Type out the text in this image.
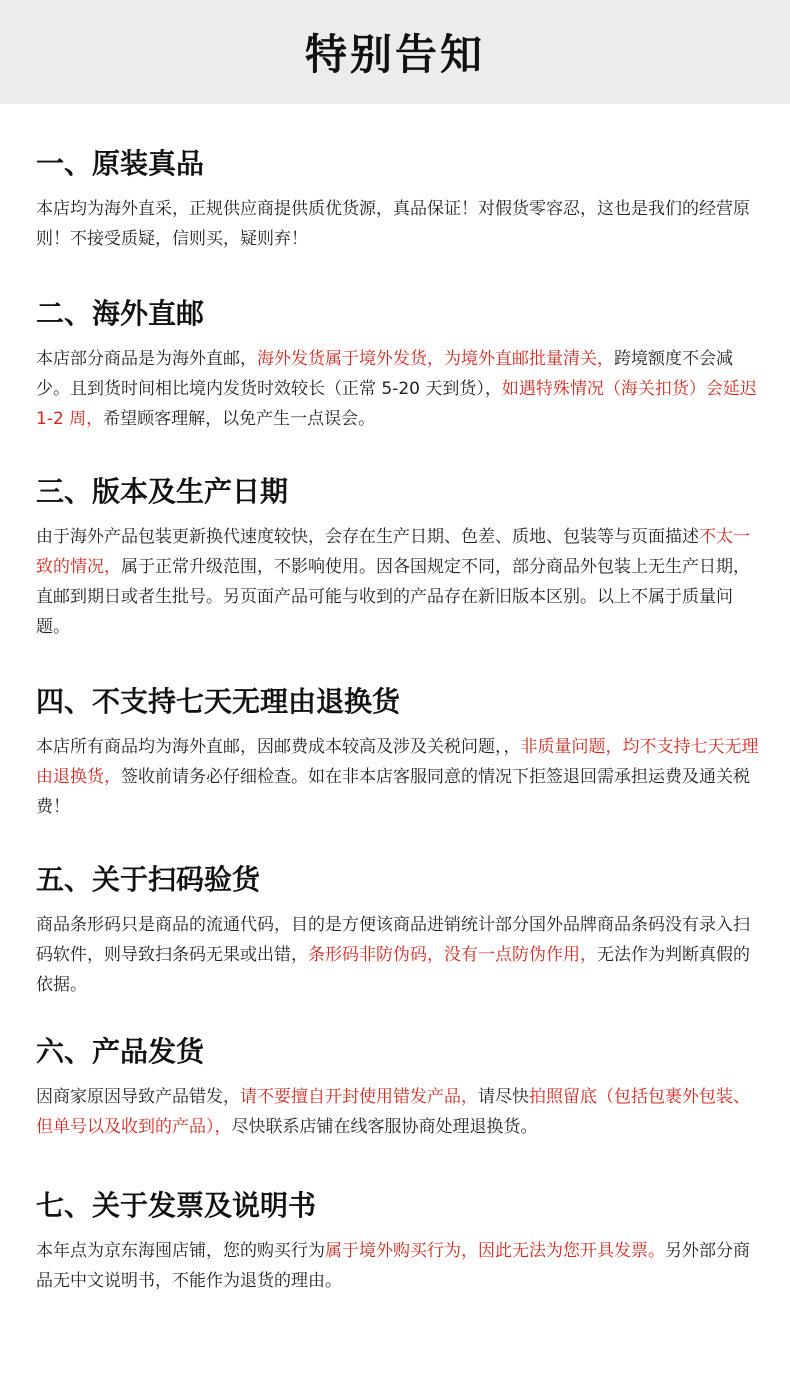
特别告知
一、原装真品

本店均为海外直采，正规供应商提供质优货源，真品保证！对假货零容忍，这也是我们的经营原则！不接受质疑，信则买，疑则弃！

二、海外直邮

本店部分商品是为海外直邮，海外发货属于境外发货，为境外直邮批量清关，跨境额度不会减少。且到货时间相比境内发货时效较长（正常 5-20 天到货），如遇特殊情况（海关扣货）会延迟 1-2 周，希望顾客理解，以免产生一点误会。

三、版本及生产日期

由于海外产品包装更新换代速度较快，会存在生产日期、色差、质地、包装等与页面描述不太一致的情况，属于正常升级范围，不影响使用。因各国规定不同，部分商品外包装上无生产日期，直邮到期日或者生批号。另页面产品可能与收到的产品存在新旧版本区别。以上不属于质量问题。

四、不支持七天无理由退换货

本店所有商品均为海外直邮，因邮费成本较高及涉及关税问题，，非质量问题，均不支持七天无理由退换货，签收前请务必仔细检查。如在非本店客服同意的情况下拒签退回需承担运费及通关税费！

五、关于扫码验货

商品条形码只是商品的流通代码，目的是方便该商品进销统计部分国外品牌商品条码没有录入扫码软件，则导致扫条码无果或出错，条形码非防伪码，没有一点防伪作用，无法作为判断真假的依据。

六、产品发货

因商家原因导致产品错发，请不要擅自开封使用错发产品，请尽快拍照留底（包括包裹外包装、但单号以及收到的产品），尽快联系店铺在线客服协商处理退换货。

七、关于发票及说明书

本年点为京东海囤店铺，您的购买行为属于境外购买行为，因此无法为您开具发票。另外部分商品无中文说明书，不能作为退货的理由。
